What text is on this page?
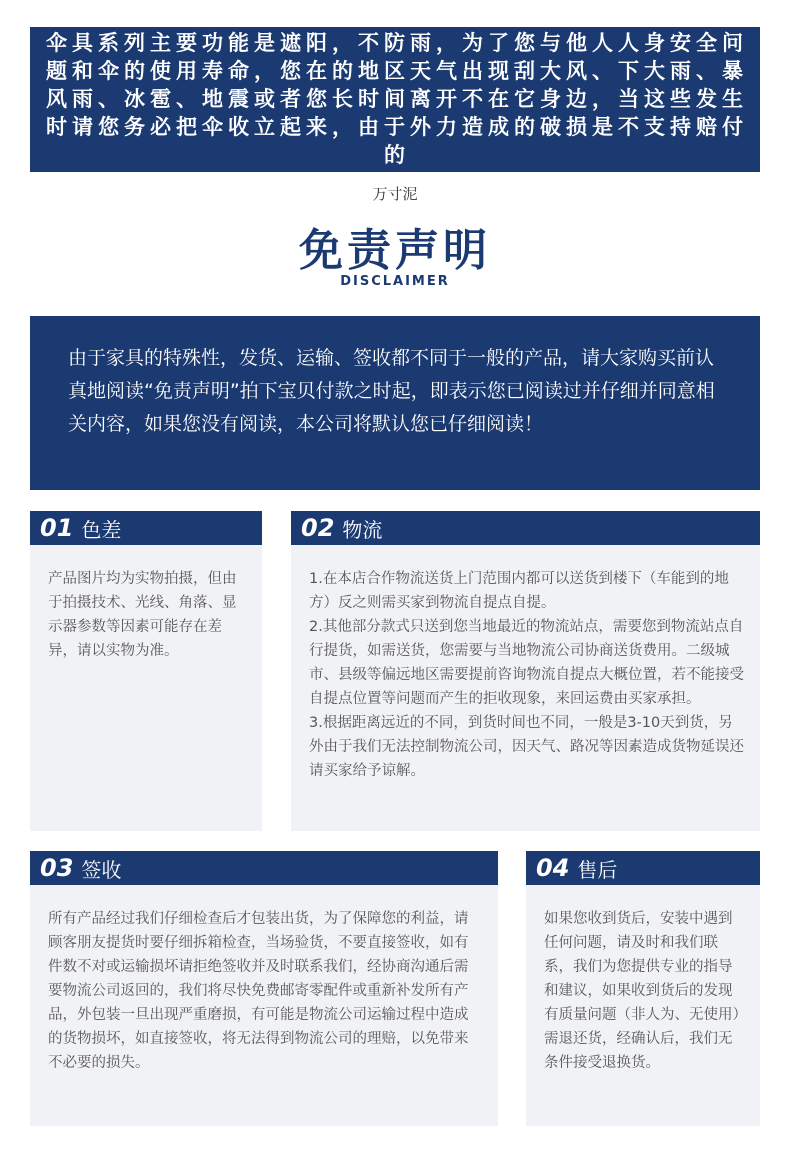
伞具系列主要功能是遮阳，不防雨，为了您与他人人身安全问题和伞的使用寿命，您在的地区天气出现刮大风、下大雨、暴风雨、冰雹、地震或者您长时间离开不在它身边，当这些发生时请您务必把伞收立起来，由于外力造成的破损是不支持赔付的
万寸泥
免责声明
DISCLAIMER
由于家具的特殊性，发货、运输、签收都不同于一般的产品，请大家购买前认真地阅读“免责声明”拍下宝贝付款之时起，即表示您已阅读过并仔细并同意相关内容，如果您没有阅读，本公司将默认您已仔细阅读！
01 色差
产品图片均为实物拍摄，但由于拍摄技术、光线、角落、显示器参数等因素可能存在差异，请以实物为准。
02 物流
1.在本店合作物流送货上门范围内都可以送货到楼下（车能到的地方）反之则需买家到物流自提点自提。
2.其他部分款式只送到您当地最近的物流站点，需要您到物流站点自行提货，如需送货，您需要与当地物流公司协商送货费用。二级城市、县级等偏远地区需要提前咨询物流自提点大概位置，若不能接受自提点位置等问题而产生的拒收现象，来回运费由买家承担。
3.根据距离远近的不同，到货时间也不同，一般是3-10天到货，另外由于我们无法控制物流公司，因天气、路况等因素造成货物延误还请买家给予谅解。
03 签收
所有产品经过我们仔细检查后才包装出货，为了保障您的利益，请顾客朋友提货时要仔细拆箱检查，当场验货，不要直接签收，如有件数不对或运输损坏请拒绝签收并及时联系我们，经协商沟通后需要物流公司返回的，我们将尽快免费邮寄零配件或重新补发所有产品，外包装一旦出现严重磨损，有可能是物流公司运输过程中造成的货物损坏，如直接签收，将无法得到物流公司的理赔，以免带来不必要的损失。
04 售后
如果您收到货后，安装中遇到任何问题，请及时和我们联系，我们为您提供专业的指导和建议，如果收到货后的发现有质量问题（非人为、无使用）需退还货，经确认后，我们无条件接受退换货。
